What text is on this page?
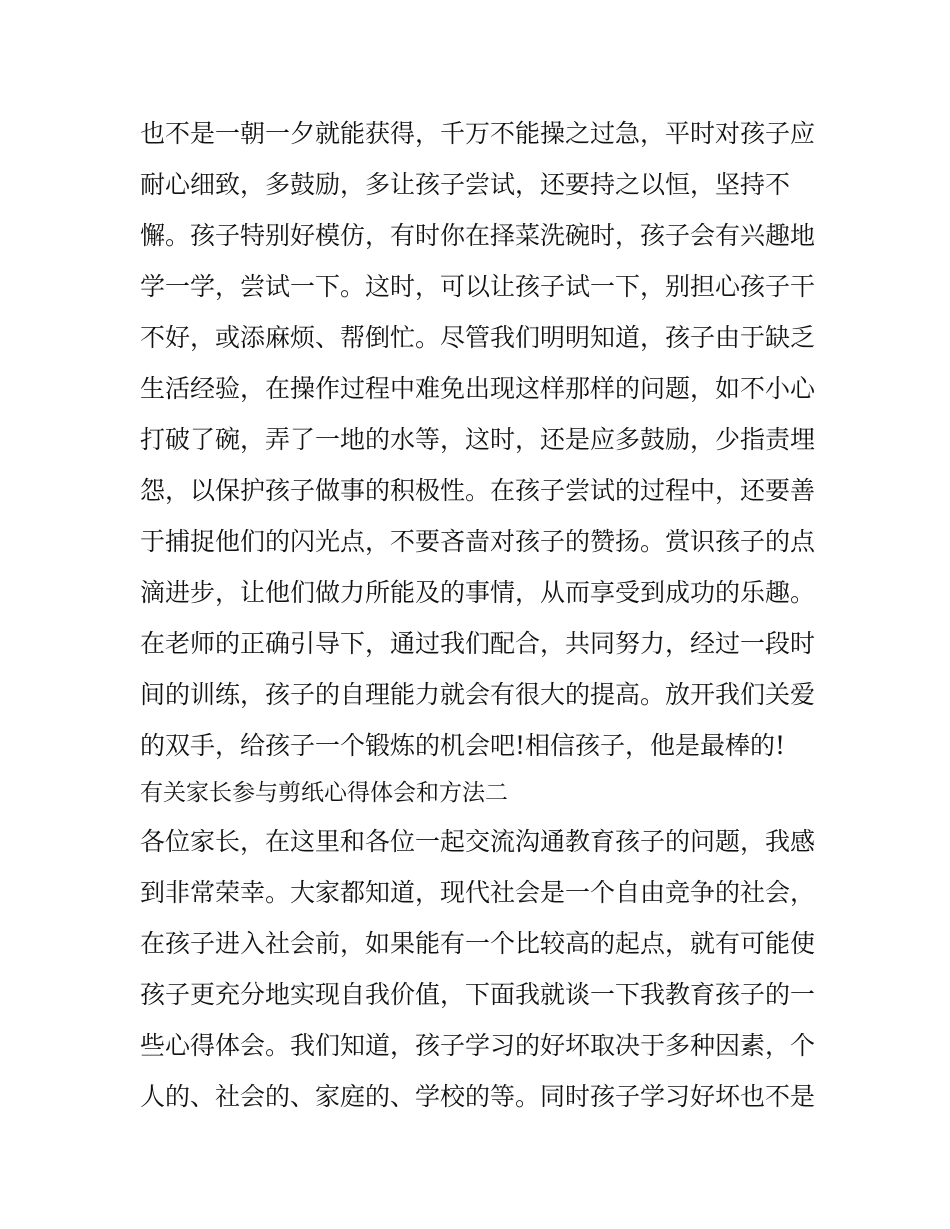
也不是一朝一夕就能获得，千万不能操之过急，平时对孩子应
耐心细致，多鼓励，多让孩子尝试，还要持之以恒，坚持不
懈。孩子特别好模仿，有时你在择菜洗碗时，孩子会有兴趣地
学一学，尝试一下。这时，可以让孩子试一下，别担心孩子干
不好，或添麻烦、帮倒忙。尽管我们明明知道，孩子由于缺乏
生活经验，在操作过程中难免出现这样那样的问题，如不小心
打破了碗，弄了一地的水等，这时，还是应多鼓励，少指责埋
怨，以保护孩子做事的积极性。在孩子尝试的过程中，还要善
于捕捉他们的闪光点，不要吝啬对孩子的赞扬。赏识孩子的点
滴进步，让他们做力所能及的事情，从而享受到成功的乐趣。
在老师的正确引导下，通过我们配合，共同努力，经过一段时
间的训练，孩子的自理能力就会有很大的提高。放开我们关爱
的双手，给孩子一个锻炼的机会吧!相信孩子，他是最棒的!
有关家长参与剪纸心得体会和方法二
各位家长，在这里和各位一起交流沟通教育孩子的问题，我感
到非常荣幸。大家都知道，现代社会是一个自由竞争的社会，
在孩子进入社会前，如果能有一个比较高的起点，就有可能使
孩子更充分地实现自我价值，下面我就谈一下我教育孩子的一
些心得体会。我们知道，孩子学习的好坏取决于多种因素，个
人的、社会的、家庭的、学校的等。同时孩子学习好坏也不是
